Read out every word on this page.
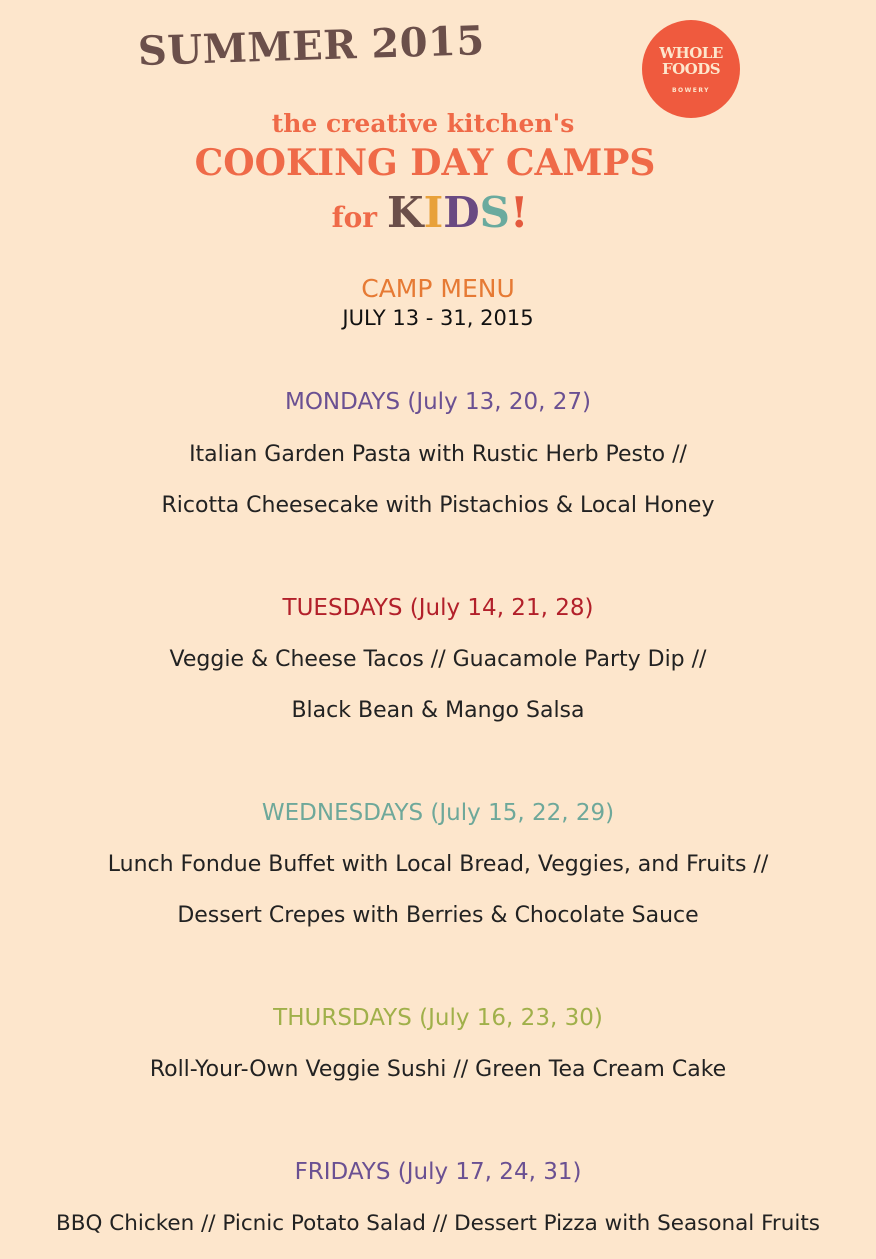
SUMMER 2015	WHOLE
FOODS
BOWERY
the creative kitchen's
COOKING DAY CAMPS
for KIDS!
CAMP MENU
JULY 13 - 31, 2015
MONDAYS (July 13, 20, 27)
Italian Garden Pasta with Rustic Herb Pesto //
Ricotta Cheesecake with Pistachios & Local Honey
TUESDAYS (July 14, 21, 28)
Veggie & Cheese Tacos // Guacamole Party Dip //
Black Bean & Mango Salsa
WEDNESDAYS (July 15, 22, 29)
Lunch Fondue Buffet with Local Bread, Veggies, and Fruits //
Dessert Crepes with Berries & Chocolate Sauce
THURSDAYS (July 16, 23, 30)
Roll-Your-Own Veggie Sushi // Green Tea Cream Cake
FRIDAYS (July 17, 24, 31)
BBQ Chicken // Picnic Potato Salad // Dessert Pizza with Seasonal Fruits
